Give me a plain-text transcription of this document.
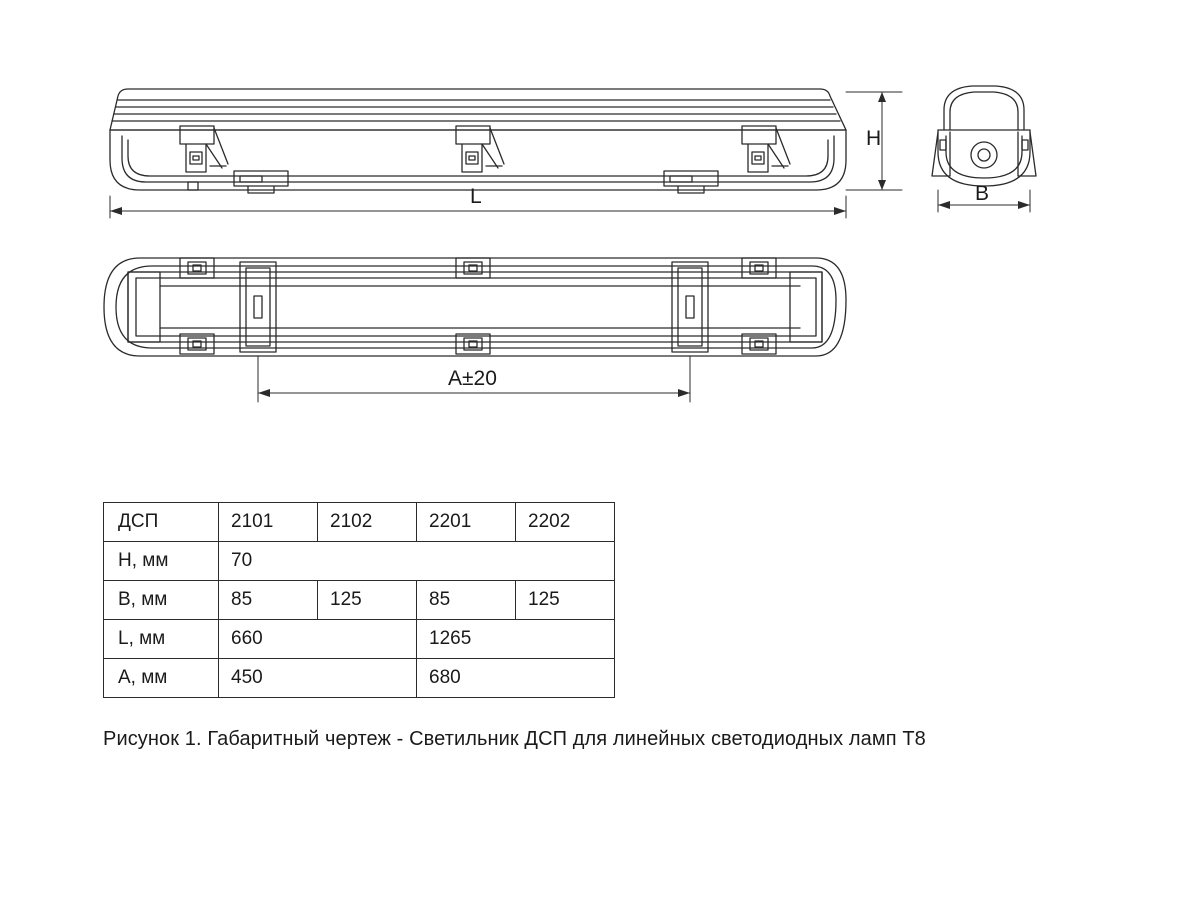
H
L	B
A±20
ДСП	2101	2102	2201	2202
H, мм	70			
B, мм	85	125	85	125
L, мм	660		1265	
A, мм	450		680	
Рисунок 1. Габаритный чертеж - Светильник ДСП для линейных светодиодных ламп T8
